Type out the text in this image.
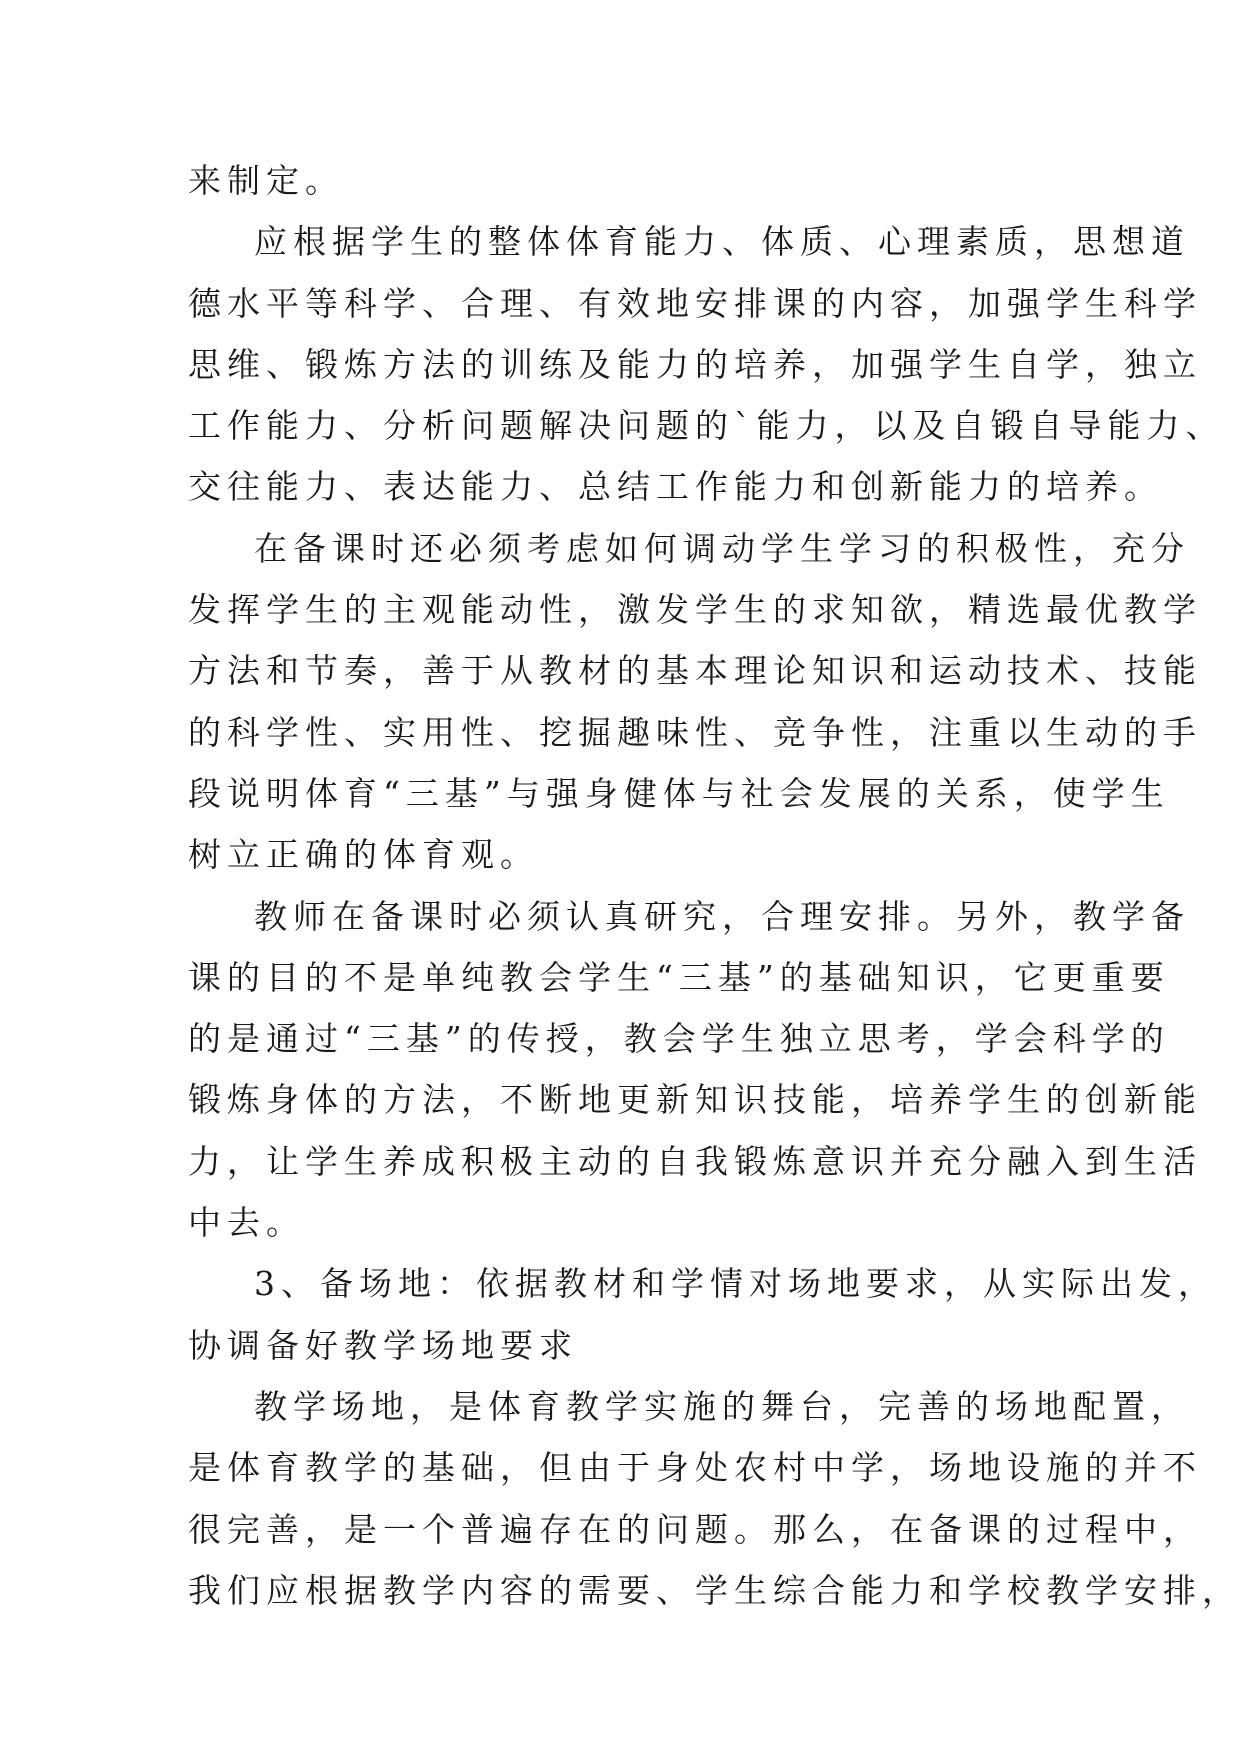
来制定。
应根据学生的整体体育能力、体质、心理素质，思想道
德水平等科学、合理、有效地安排课的内容，加强学生科学
思维、锻炼方法的训练及能力的培养，加强学生自学，独立
工作能力、分析问题解决问题的`能力，以及自锻自导能力、
交往能力、表达能力、总结工作能力和创新能力的培养。
在备课时还必须考虑如何调动学生学习的积极性，充分
发挥学生的主观能动性，激发学生的求知欲，精选最优教学
方法和节奏，善于从教材的基本理论知识和运动技术、技能
的科学性、实用性、挖掘趣味性、竞争性，注重以生动的手
段说明体育“三基”与强身健体与社会发展的关系，使学生
树立正确的体育观。
教师在备课时必须认真研究，合理安排。另外，教学备
课的目的不是单纯教会学生“三基”的基础知识，它更重要
的是通过“三基”的传授，教会学生独立思考，学会科学的
锻炼身体的方法，不断地更新知识技能，培养学生的创新能
力，让学生养成积极主动的自我锻炼意识并充分融入到生活
中去。
3、备场地：依据教材和学情对场地要求，从实际出发，
协调备好教学场地要求
教学场地，是体育教学实施的舞台，完善的场地配置，
是体育教学的基础，但由于身处农村中学，场地设施的并不
很完善，是一个普遍存在的问题。那么，在备课的过程中，
我们应根据教学内容的需要、学生综合能力和学校教学安排，
